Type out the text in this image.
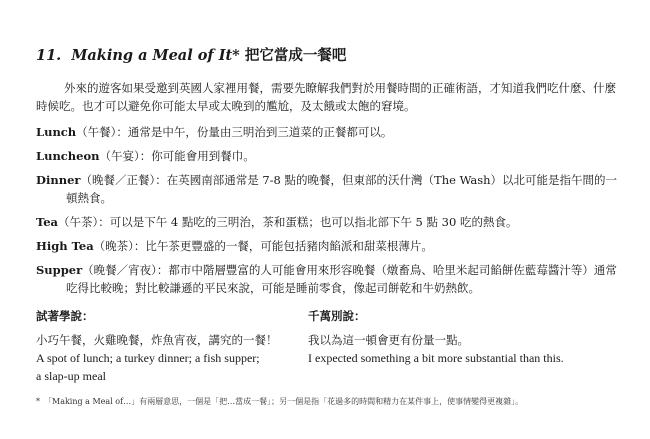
11. Making a Meal of It* 把它當成一餐吧

外來的遊客如果受邀到英國人家裡用餐，需要先瞭解我們對於用餐時間的正確術語，才知道我們吃什麼、什麼時候吃。也才可以避免你可能太早或太晚到的尷尬，及太餓或太飽的窘境。

Lunch（午餐）：通常是中午，份量由三明治到三道菜的正餐都可以。
Luncheon（午宴）：你可能會用到餐巾。
Dinner（晚餐／正餐）：在英國南部通常是 7-8 點的晚餐，但東部的沃什灣（The Wash）以北可能是指午間的一頓熱食。
Tea（午茶）：可以是下午 4 點吃的三明治，茶和蛋糕；也可以指北部下午 5 點 30 吃的熱食。
High Tea（晚茶）：比午茶更豐盛的一餐，可能包括豬肉餡派和甜菜根薄片。
Supper（晚餐／宵夜）：都市中階層豐富的人可能會用來形容晚餐（燉畜鳥、哈里米起司餡餅佐藍莓醬汁等）通常吃得比較晚；對比較謙遜的平民來說，可能是睡前零食，像起司餅乾和牛奶熱飲。
試著學說：
小巧午餐，火雞晚餐，炸魚宵夜，講究的一餐！
A spot of lunch; a turkey dinner; a fish supper;
a slap-up meal
千萬別說：
我以為這一頓會更有份量一點。
I expected something a bit more substantial than this.
*　「Making a Meal of…」有兩層意思，一個是「把…當成一餐」；另一個是指「花過多的時間和精力在某件事上，使事情變得更複雜」。
